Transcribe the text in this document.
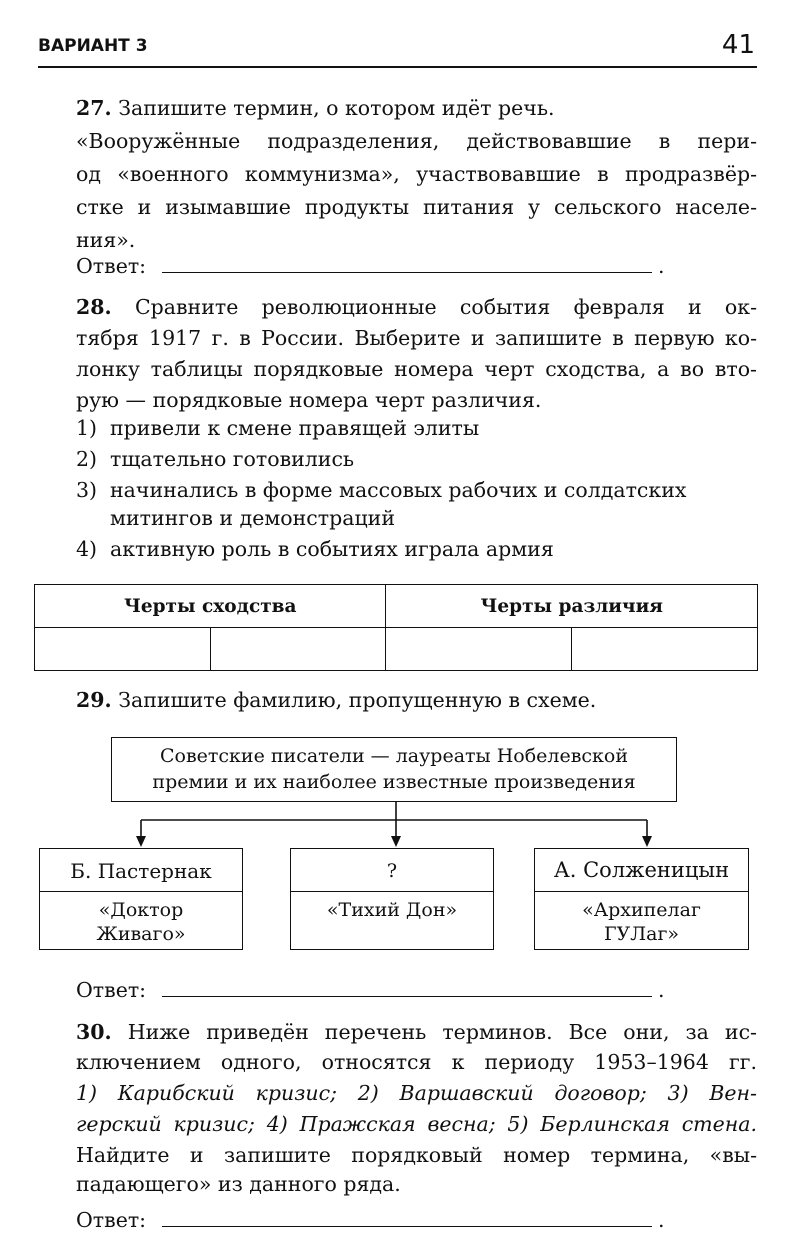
ВАРИАНТ 3	41
27. Запишите термин, о котором идёт речь.
«Вооружённые подразделения, действовавшие в пери-
од «военного коммунизма», участвовавшие в продразвёр-
стке и изымавшие продукты питания у сельского населе-
ния».
Ответ:	.
28. Сравните революционные события февраля и ок-
тября 1917 г. в России. Выберите и запишите в первую ко-
лонку таблицы порядковые номера черт сходства, а во вто-
рую — порядковые номера черт различия.
1) привели к смене правящей элиты
2) тщательно готовились
3) начинались в форме массовых рабочих и солдатских
митингов и демонстраций
4) активную роль в событиях играла армия
Черты сходства		Черты различия	

29. Запишите фамилию, пропущенную в схеме.
Советские писатели — лауреаты Нобелевской
премии и их наиболее известные произведения
Б. Пастернак
«Доктор
Живаго»
?
«Тихий Дон»
А. Солженицын
«Архипелаг
ГУЛаг»
Ответ:	.
30. Ниже приведён перечень терминов. Все они, за ис-
ключением одного, относятся к периоду 1953–1964 гг.
1) Карибский кризис; 2) Варшавский договор; 3) Вен-
герский кризис; 4) Пражская весна; 5) Берлинская стена.
Найдите и запишите порядковый номер термина, «вы-
падающего» из данного ряда.
Ответ:	.
